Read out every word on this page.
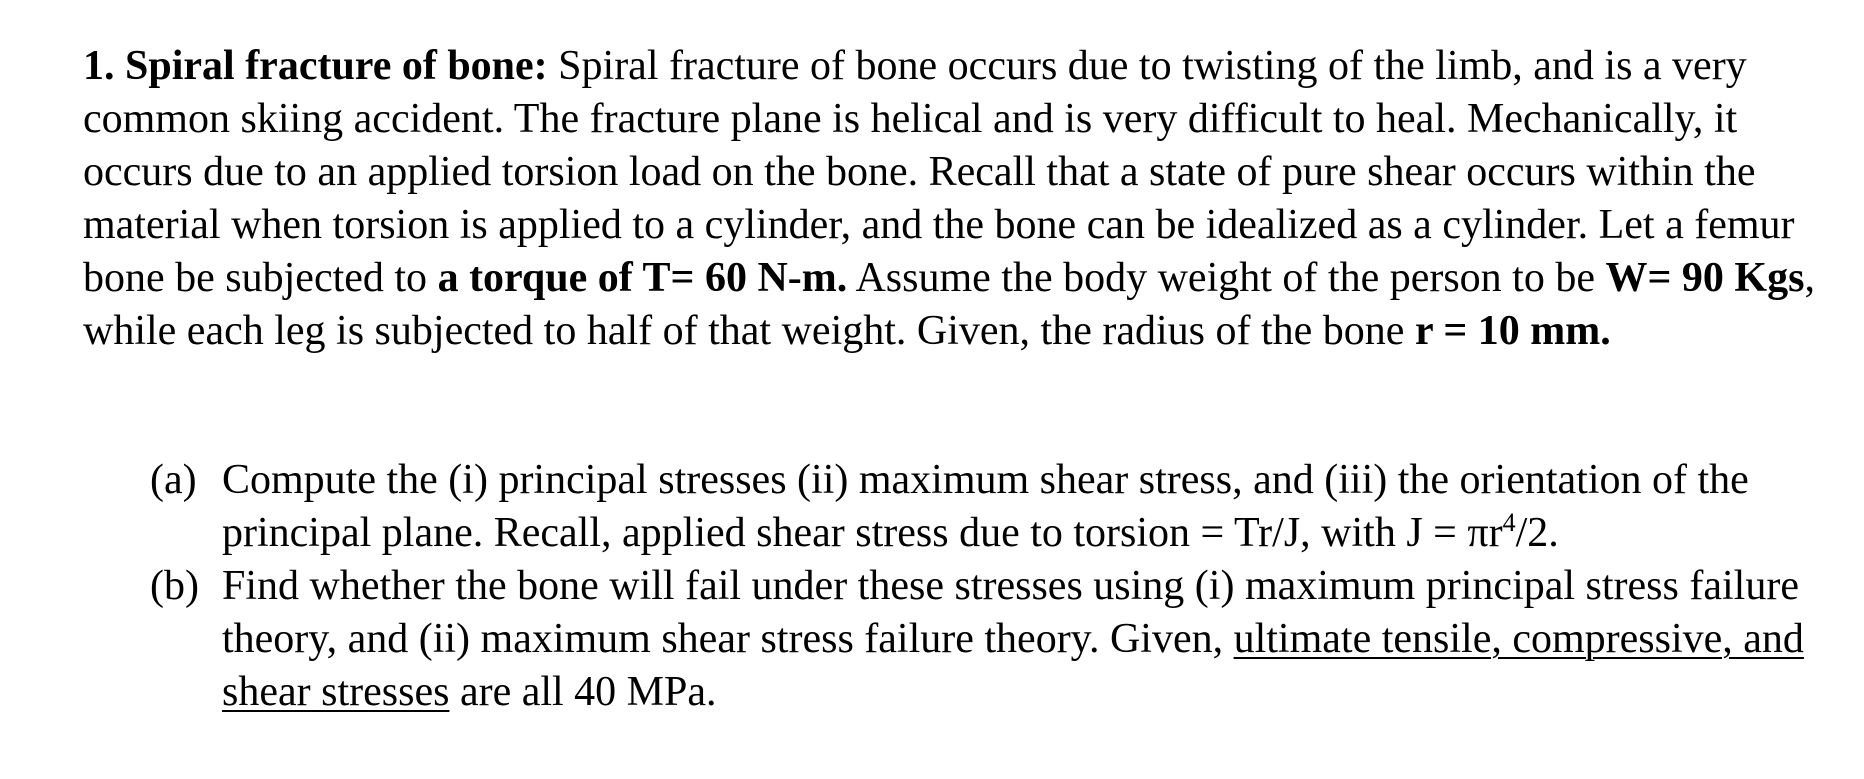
1. Spiral fracture of bone: Spiral fracture of bone occurs due to twisting of the limb, and is a very common skiing accident. The fracture plane is helical and is very difficult to heal. Mechanically, it occurs due to an applied torsion load on the bone. Recall that a state of pure shear occurs within the material when torsion is applied to a cylinder, and the bone can be idealized as a cylinder. Let a femur bone be subjected to a torque of T= 60 N-m. Assume the body weight of the person to be W= 90 Kgs, while each leg is subjected to half of that weight. Given, the radius of the bone r = 10 mm.

(a) Compute the (i) principal stresses (ii) maximum shear stress, and (iii) the orientation of the principal plane. Recall, applied shear stress due to torsion = Tr/J, with $J = \pi r^4/2$.
(b) Find whether the bone will fail under these stresses using (i) maximum principal stress failure theory, and (ii) maximum shear stress failure theory. Given, ultimate tensile, compressive, and shear stresses are all 40 MPa.
